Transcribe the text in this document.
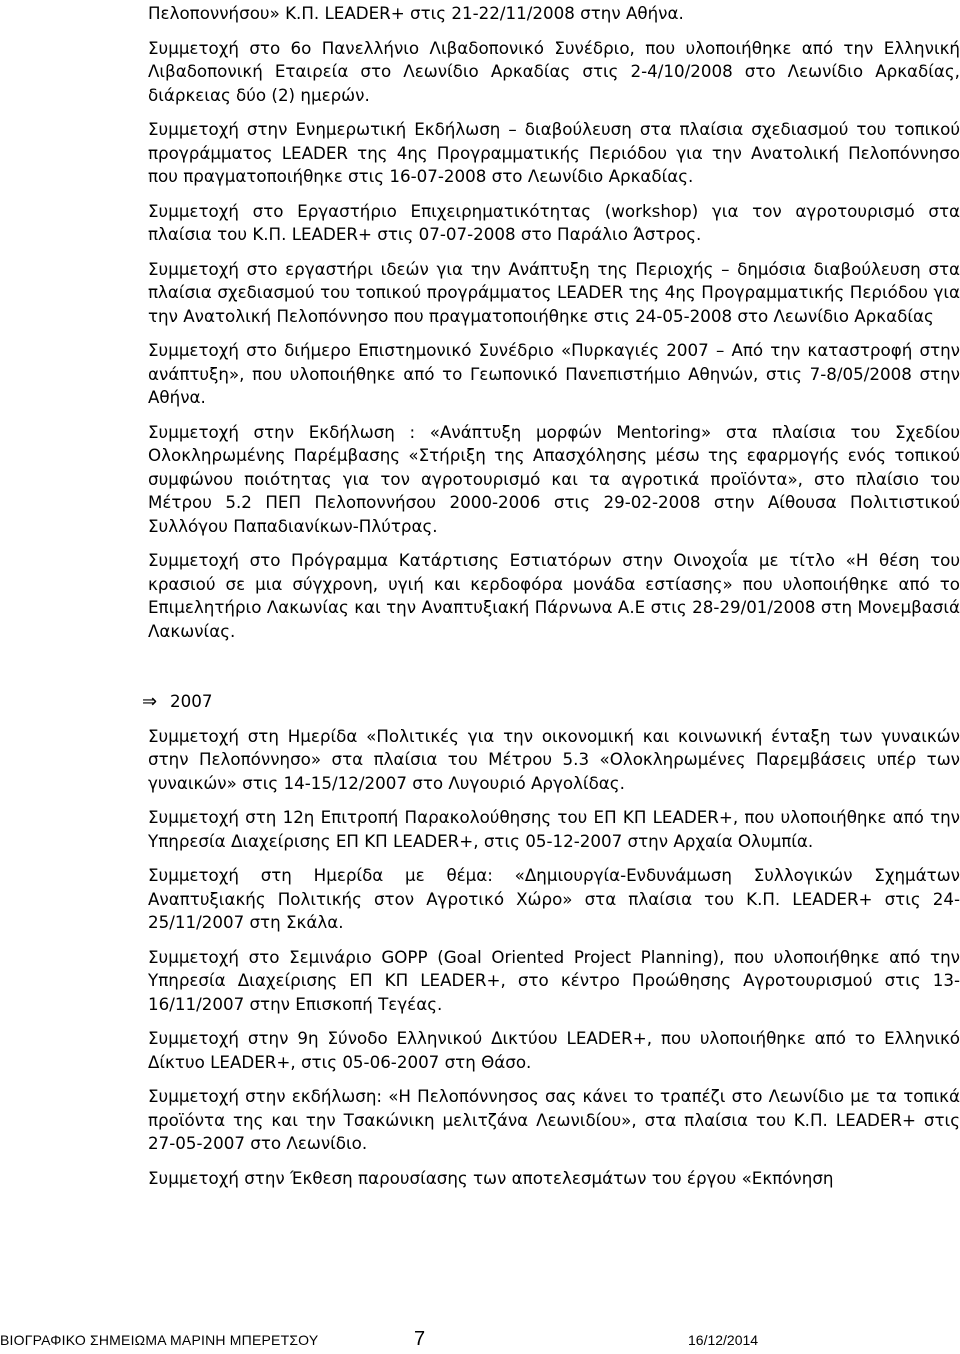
Πελοποννήσου» Κ.Π. LEADER+ στις 21-22/11/2008 στην Αθήνα.

Συμμετοχή στο 6ο Πανελλήνιο Λιβαδοπονικό Συνέδριο, που υλοποιήθηκε από την Ελληνική Λιβαδοπονική Εταιρεία στο Λεωνίδιο Αρκαδίας στις 2-4/10/2008 στο Λεωνίδιο Αρκαδίας, διάρκειας δύο (2) ημερών.

Συμμετοχή στην Ενημερωτική Εκδήλωση – διαβούλευση στα πλαίσια σχεδιασμού του τοπικού προγράμματος LEADER της 4ης Προγραμματικής Περιόδου για την Ανατολική Πελοπόννησο που πραγματοποιήθηκε στις 16-07-2008 στο Λεωνίδιο Αρκαδίας.

Συμμετοχή στο Εργαστήριο Επιχειρηματικότητας (workshop) για τον αγροτουρισμό στα πλαίσια του Κ.Π. LEADER+ στις 07-07-2008 στο Παράλιο Άστρος.

Συμμετοχή στο εργαστήρι ιδεών για την Ανάπτυξη της Περιοχής – δημόσια διαβούλευση στα πλαίσια σχεδιασμού του τοπικού προγράμματος LEADER της 4ης Προγραμματικής Περιόδου για την Ανατολική Πελοπόννησο που πραγματοποιήθηκε στις 24-05-2008 στο Λεωνίδιο Αρκαδίας

Συμμετοχή στο διήμερο Επιστημονικό Συνέδριο «Πυρκαγιές 2007 – Από την καταστροφή στην ανάπτυξη», που υλοποιήθηκε από το Γεωπονικό Πανεπιστήμιο Αθηνών, στις 7-8/05/2008 στην Αθήνα.

Συμμετοχή στην Εκδήλωση : «Ανάπτυξη μορφών Mentoring» στα πλαίσια του Σχεδίου Ολοκληρωμένης Παρέμβασης «Στήριξη της Απασχόλησης μέσω της εφαρμογής ενός τοπικού συμφώνου ποιότητας για τον αγροτουρισμό και τα αγροτικά προϊόντα», στο πλαίσιο του Μέτρου 5.2 ΠΕΠ Πελοποννήσου 2000-2006 στις 29-02-2008 στην Αίθουσα Πολιτιστικού Συλλόγου Παπαδιανίκων-Πλύτρας.

Συμμετοχή στο Πρόγραμμα Κατάρτισης Εστιατόρων στην Οινοχοΐα με τίτλο «Η θέση του κρασιού σε μια σύγχρονη, υγιή και κερδοφόρα μονάδα εστίασης» που υλοποιήθηκε από το Επιμελητήριο Λακωνίας και την Αναπτυξιακή Πάρνωνα Α.Ε στις 28-29/01/2008 στη Μονεμβασιά Λακωνίας.

⇒ 2007

Συμμετοχή στη Ημερίδα «Πολιτικές για την οικονομική και κοινωνική ένταξη των γυναικών στην Πελοπόννησο» στα πλαίσια του Μέτρου 5.3 «Ολοκληρωμένες Παρεμβάσεις υπέρ των γυναικών» στις 14-15/12/2007 στο Λυγουριό Αργολίδας.

Συμμετοχή στη 12η Επιτροπή Παρακολούθησης του ΕΠ ΚΠ LEADER+, που υλοποιήθηκε από την Υπηρεσία Διαχείρισης ΕΠ ΚΠ LEADER+, στις 05-12-2007 στην Αρχαία Ολυμπία.

Συμμετοχή στη Ημερίδα με θέμα: «Δημιουργία-Ενδυνάμωση Συλλογικών Σχημάτων Αναπτυξιακής Πολιτικής στον Αγροτικό Χώρο» στα πλαίσια του Κ.Π. LEADER+ στις 24-25/11/2007 στη Σκάλα.

Συμμετοχή στο Σεμινάριο GOPP (Goal Oriented Project Planning), που υλοποιήθηκε από την Υπηρεσία Διαχείρισης ΕΠ ΚΠ LEADER+, στο κέντρο Προώθησης Αγροτουρισμού στις 13-16/11/2007 στην Επισκοπή Τεγέας.

Συμμετοχή στην 9η Σύνοδο Ελληνικού Δικτύου LEADER+, που υλοποιήθηκε από το Ελληνικό Δίκτυο LEADER+, στις 05-06-2007 στη Θάσο.

Συμμετοχή στην εκδήλωση: «Η Πελοπόννησος σας κάνει το τραπέζι στο Λεωνίδιο με τα τοπικά προϊόντα της και την Τσακώνικη μελιτζάνα Λεωνιδίου», στα πλαίσια του Κ.Π. LEADER+ στις 27-05-2007 στο Λεωνίδιο.

Συμμετοχή στην Έκθεση παρουσίασης των αποτελεσμάτων του έργου «Εκπόνηση

ΒΙΟΓΡΑΦΙΚΟ ΣΗΜΕΙΩΜΑ ΜΑΡΙΝΗ ΜΠΕΡΕΤΣΟΥ	7	16/12/2014
